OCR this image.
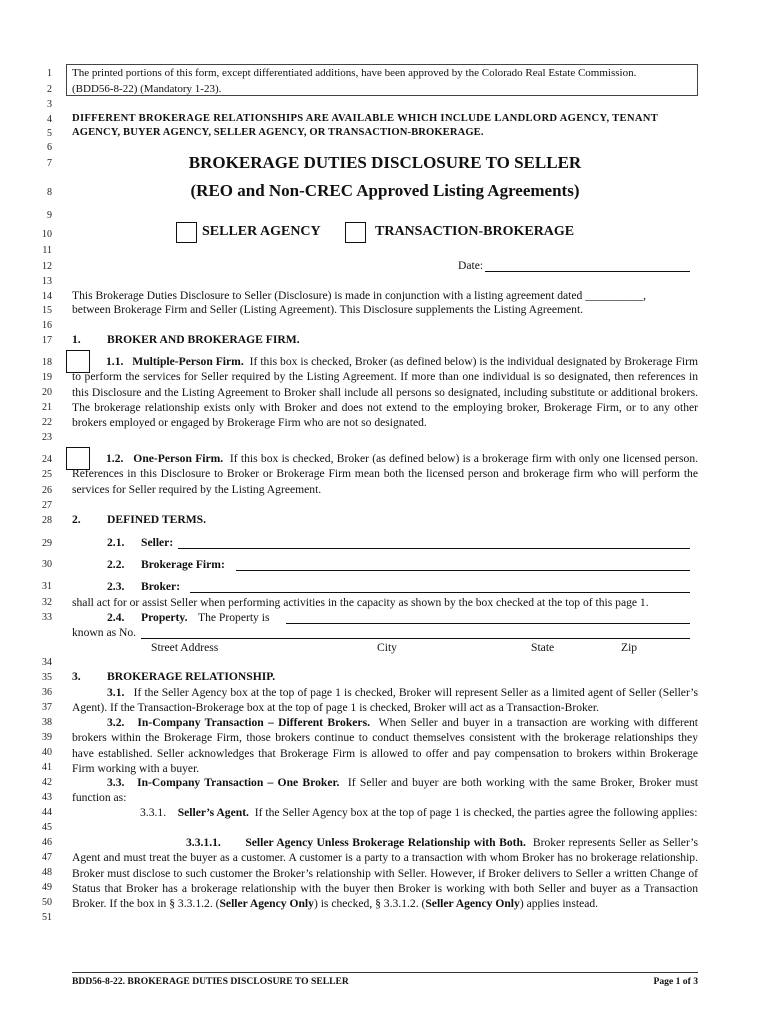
1
2
3
4
5
6
7
8
9
10
11
12
13
14
15
16
17
18
19
20
21
22
23
24
25
26
27
28
29
30
31
32
33
34
35
36
37
38
39
40
41
42
43
44
45
46
47
48
49
50
51
The printed portions of this form, except differentiated additions, have been approved by the Colorado Real Estate Commission.
(BDD56-8-22) (Mandatory 1-23).
DIFFERENT BROKERAGE RELATIONSHIPS ARE AVAILABLE WHICH INCLUDE LANDLORD AGENCY, TENANT
AGENCY, BUYER AGENCY, SELLER AGENCY, OR TRANSACTION-BROKERAGE.
BROKERAGE DUTIES DISCLOSURE TO SELLER
(REO and Non-CREC Approved Listing Agreements)
SELLER AGENCY	TRANSACTION-BROKERAGE
Date:
This Brokerage Duties Disclosure to Seller (Disclosure) is made in conjunction with a listing agreement dated __________,
between Brokerage Firm and Seller (Listing Agreement). This Disclosure supplements the Listing Agreement.
1. BROKER AND BROKERAGE FIRM.
1.1. Multiple-Person Firm. If this box is checked, Broker (as defined below) is the individual designated by Brokerage Firm to perform the services for Seller required by the Listing Agreement. If more than one individual is so designated, then references in this Disclosure and the Listing Agreement to Broker shall include all persons so designated, including substitute or additional brokers. The brokerage relationship exists only with Broker and does not extend to the employing broker, Brokerage Firm, or to any other brokers employed or engaged by Brokerage Firm who are not so designated.
1.2. One-Person Firm. If this box is checked, Broker (as defined below) is a brokerage firm with only one licensed person. References in this Disclosure to Broker or Brokerage Firm mean both the licensed person and brokerage firm who will perform the services for Seller required by the Listing Agreement.
2. DEFINED TERMS.
2.1. Seller:
2.2. Brokerage Firm:
2.3. Broker:
shall act for or assist Seller when performing activities in the capacity as shown by the box checked at the top of this page 1.
2.4. Property. The Property is
known as No.
Street Address	City	State	Zip
3. BROKERAGE RELATIONSHIP.
3.1. If the Seller Agency box at the top of page 1 is checked, Broker will represent Seller as a limited agent of Seller (Seller’s Agent). If the Transaction-Brokerage box at the top of page 1 is checked, Broker will act as a Transaction-Broker.
3.2. In-Company Transaction – Different Brokers. When Seller and buyer in a transaction are working with different brokers within the Brokerage Firm, those brokers continue to conduct themselves consistent with the brokerage relationships they have established. Seller acknowledges that Brokerage Firm is allowed to offer and pay compensation to brokers within Brokerage Firm working with a buyer.
3.3. In-Company Transaction – One Broker. If Seller and buyer are both working with the same Broker, Broker must function as:
3.3.1. Seller’s Agent. If the Seller Agency box at the top of page 1 is checked, the parties agree the following applies:
3.3.1.1. Seller Agency Unless Brokerage Relationship with Both. Broker represents Seller as Seller’s Agent and must treat the buyer as a customer. A customer is a party to a transaction with whom Broker has no brokerage relationship. Broker must disclose to such customer the Broker’s relationship with Seller. However, if Broker delivers to Seller a written Change of Status that Broker has a brokerage relationship with the buyer then Broker is working with both Seller and buyer as a Transaction Broker. If the box in § 3.3.1.2. (Seller Agency Only) is checked, § 3.3.1.2. (Seller Agency Only) applies instead.
BDD56-8-22. BROKERAGE DUTIES DISCLOSURE TO SELLER	Page 1 of 3
